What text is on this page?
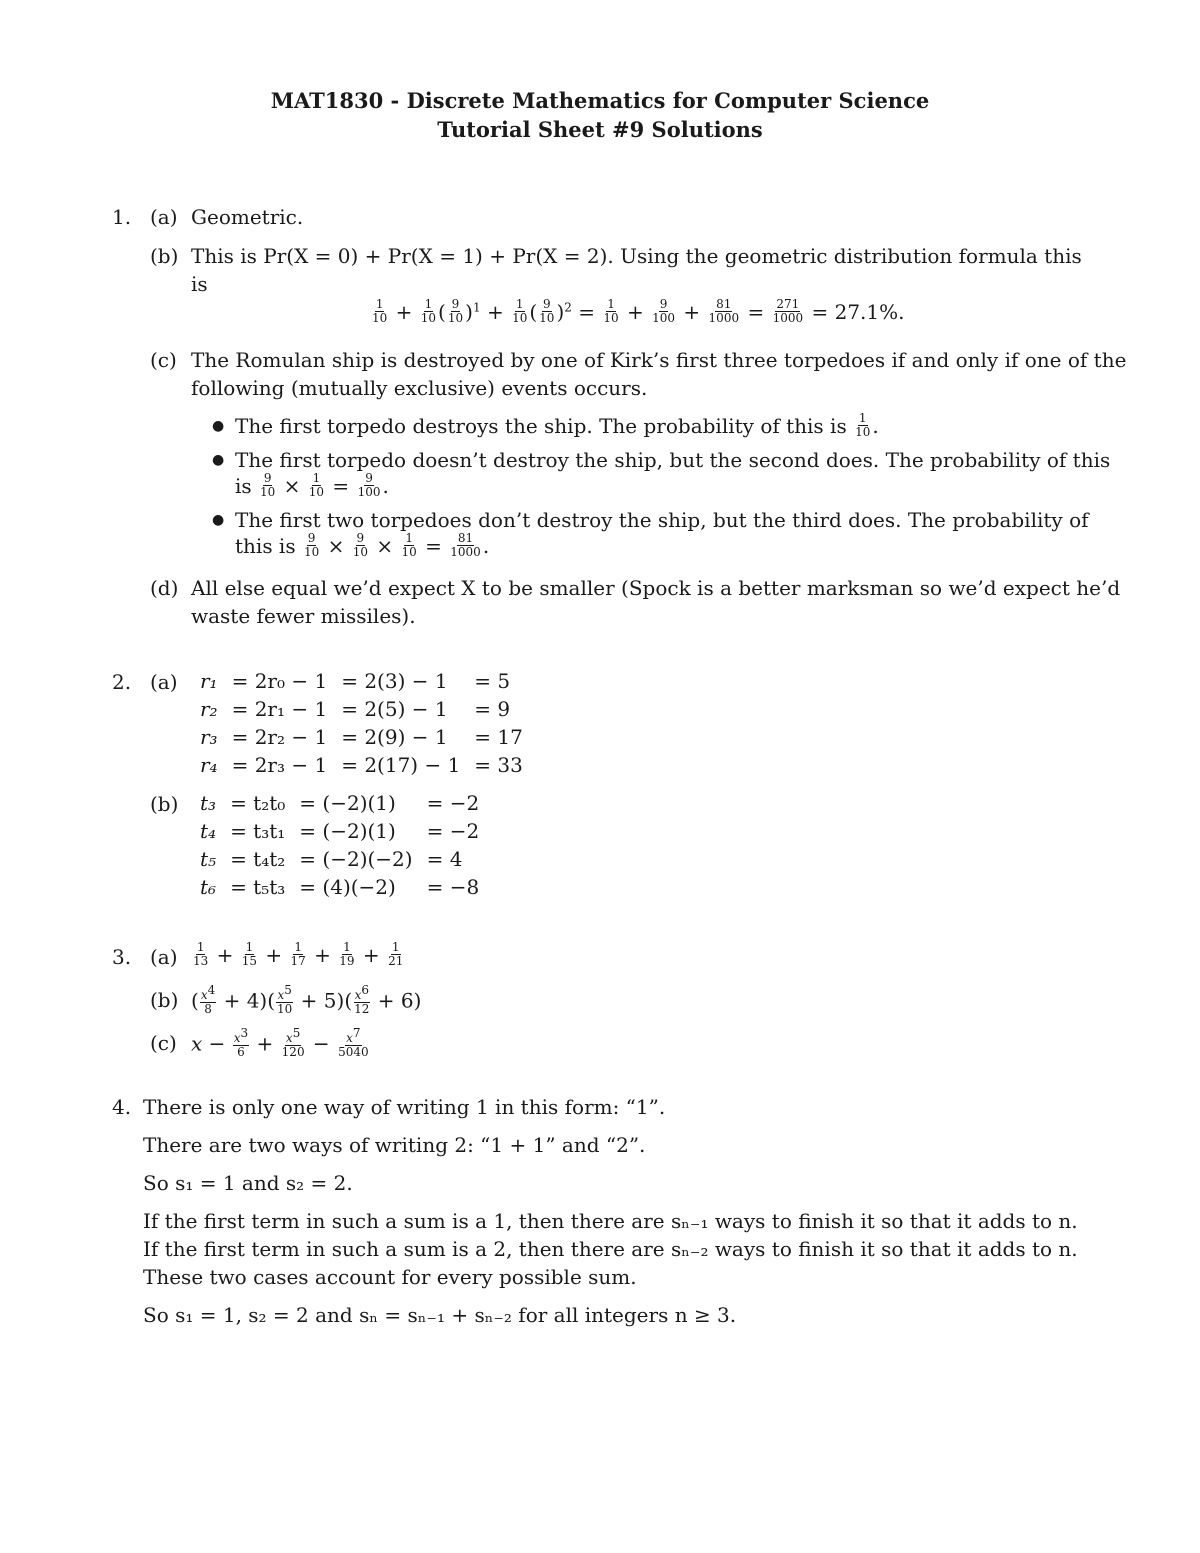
MAT1830 - Discrete Mathematics for Computer Science
Tutorial Sheet #9 Solutions
1. (a) Geometric.
(b) This is Pr(X = 0) + Pr(X = 1) + Pr(X = 2). Using the geometric distribution formula this
is
$\frac{1}{10} + \frac{1}{10}$ ( $\frac{9}{10} )^1 + \frac{1}{10}$ ( $\frac{9}{10} )^2 = \frac{1}{10} + \frac{9}{100} + \frac{81}{1000} = \frac{271}{1000} = 27.1\%$.
(c) The Romulan ship is destroyed by one of Kirk’s first three torpedoes if and only if one of the
following (mutually exclusive) events occurs.
● The first torpedo destroys the ship. The probability of this is $\frac{1}{10}$ .
● The first torpedo doesn’t destroy the ship, but the second does. The probability of this
is $\frac{9}{10} \times \frac{1}{10} = \frac{9}{100}$ .
● The first two torpedoes don’t destroy the ship, but the third does. The probability of
this is $\frac{9}{10} \times \frac{9}{10} \times \frac{1}{10} = \frac{81}{1000}$ .
(d) All else equal we’d expect X to be smaller (Spock is a better marksman so we’d expect he’d
waste fewer missiles).
2. (a) r₁	= 2r₀ − 1	= 2(3) − 1	= 5
r₂	= 2r₁ − 1	= 2(5) − 1	= 9
r₃	= 2r₂ − 1	= 2(9) − 1	= 17
r₄	= 2r₃ − 1	= 2(17) − 1	= 33
(b) t₃	= t₂t₀	= (−2)(1)	= −2
t₄	= t₃t₁	= (−2)(1)	= −2
t₅	= t₄t₂	= (−2)(−2)	= 4
t₆	= t₅t₃	= (4)(−2)	= −8
3. $(a) \frac{1}{13} + \frac{1}{15} + \frac{1}{17} + \frac{1}{19} + \frac{1}{21}$
(b) ( $\frac{x^4}{8} + 4)( \frac{x^5}{10} + 5)( \frac{x^6}{12} + 6)$
(c) $x - \frac{x^3}{6} + \frac{x^5}{120} - \frac{x^7}{5040}$
4. There is only one way of writing 1 in this form: “1”.
There are two ways of writing 2: “1 + 1” and “2”.
So s₁ = 1 and s₂ = 2.
If the first term in such a sum is a 1, then there are sₙ₋₁ ways to finish it so that it adds to n.
If the first term in such a sum is a 2, then there are sₙ₋₂ ways to finish it so that it adds to n.
These two cases account for every possible sum.
So s₁ = 1, s₂ = 2 and sₙ = sₙ₋₁ + sₙ₋₂ for all integers n ≥ 3.
